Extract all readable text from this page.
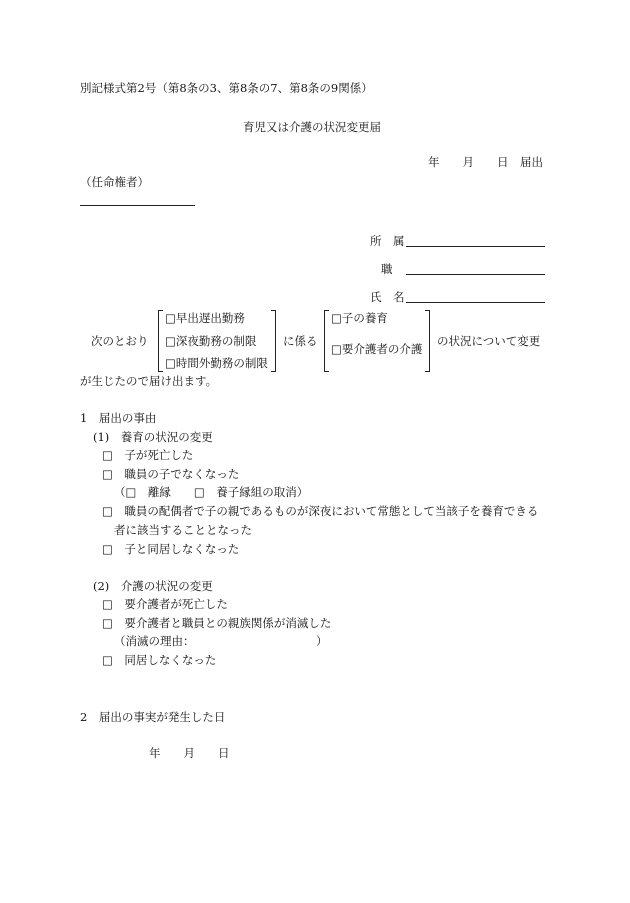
別記様式第2号（第8条の3、第8条の7、第8条の9関係）
育児又は介護の状況変更届
年　　月　　日　届出
（任命権者）
所　属
職
氏　名
次のとおり
□早出遅出勤務
□深夜勤務の制限
□時間外勤務の制限
に係る
□子の養育
□要介護者の介護
の状況について変更
が生じたので届け出ます。
1　届出の事由
(1)　養育の状況の変更
□　子が死亡した
□　職員の子でなくなった
（□　離縁　　□　養子縁組の取消）
□　職員の配偶者で子の親であるものが深夜において常態として当該子を養育できる
者に該当することとなった
□　子と同居しなくなった
(2)　介護の状況の変更
□　要介護者が死亡した
□　要介護者と職員との親族関係が消滅した
（消滅の理由：	）
□　同居しなくなった
2　届出の事実が発生した日
年　　月　　日
